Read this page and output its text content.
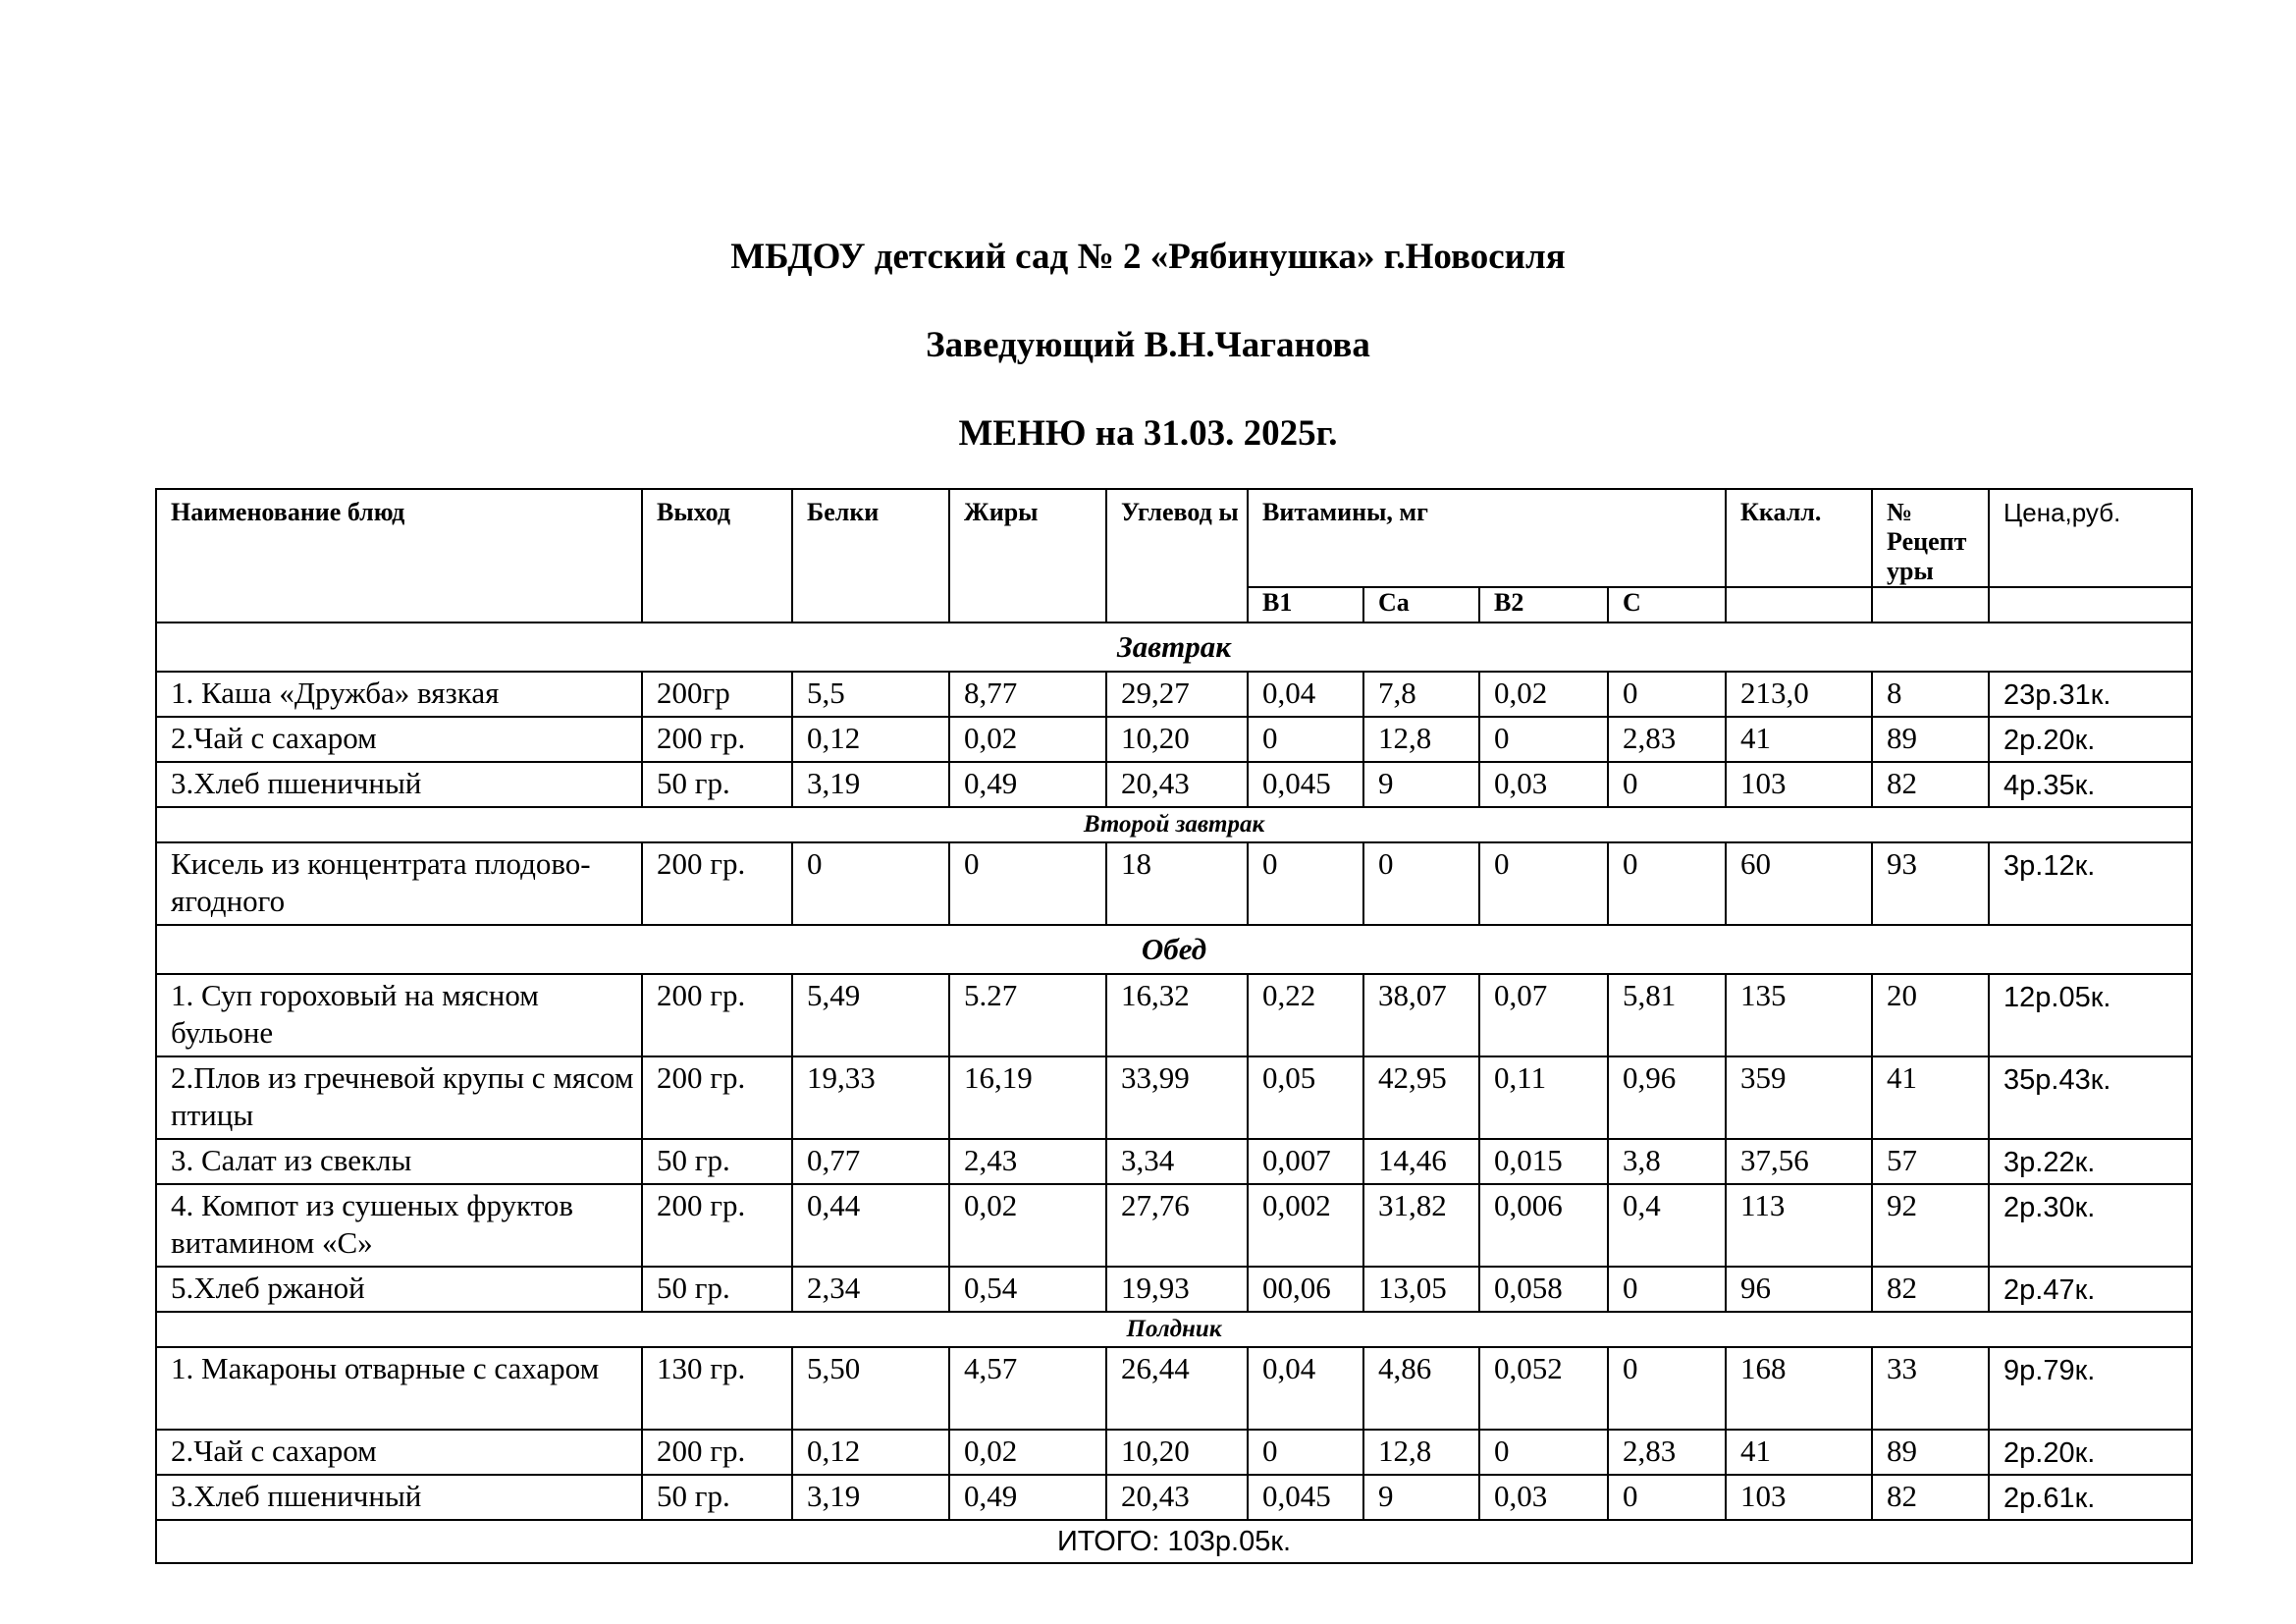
МБДОУ детский сад № 2 «Рябинушка» г.Новосиля
Заведующий В.Н.Чаганова
МЕНЮ на 31.03. 2025г.
Наименование блюд	Выход	Белки	Жиры	Углевод ы	Витамины, мг				Ккалл.	№ Рецепт уры	Цена,руб.
					В1	Са	В2	С			
Завтрак											
1. Каша «Дружба» вязкая	200гр	5,5	8,77	29,27	0,04	7,8	0,02	0	213,0	8	23р.31к.
2.Чай с сахаром	200 гр.	0,12	0,02	10,20	0	12,8	0	2,83	41	89	2р.20к.
3.Хлеб пшеничный	50 гр.	3,19	0,49	20,43	0,045	9	0,03	0	103	82	4р.35к.
Второй завтрак											
Кисель из концентрата плодово-ягодного	200 гр.	0	0	18	0	0	0	0	60	93	3р.12к.
Обед											
1. Суп гороховый на мясном бульоне	200 гр.	5,49	5.27	16,32	0,22	38,07	0,07	5,81	135	20	12р.05к.
2.Плов из гречневой крупы с мясом птицы	200 гр.	19,33	16,19	33,99	0,05	42,95	0,11	0,96	359	41	35р.43к.
3. Салат из свеклы	50 гр.	0,77	2,43	3,34	0,007	14,46	0,015	3,8	37,56	57	3р.22к.
4. Компот из сушеных фруктов витамином «С»	200 гр.	0,44	0,02	27,76	0,002	31,82	0,006	0,4	113	92	2р.30к.
5.Хлеб ржаной	50 гр.	2,34	0,54	19,93	00,06	13,05	0,058	0	96	82	2р.47к.
Полдник											
1. Макароны отварные с сахаром	130 гр.	5,50	4,57	26,44	0,04	4,86	0,052	0	168	33	9р.79к.
2.Чай с сахаром	200 гр.	0,12	0,02	10,20	0	12,8	0	2,83	41	89	2р.20к.
3.Хлеб пшеничный	50 гр.	3,19	0,49	20,43	0,045	9	0,03	0	103	82	2р.61к.
ИТОГО: 103р.05к.											
